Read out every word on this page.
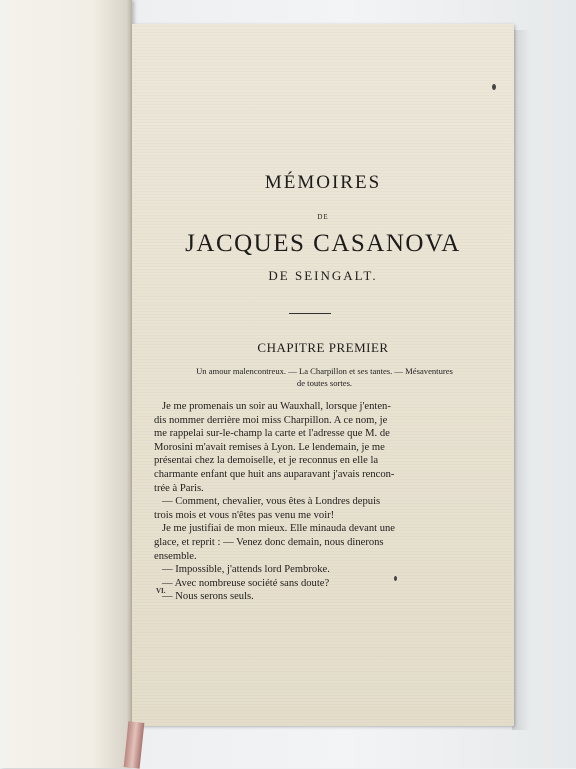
MÉMOIRES
DE
JACQUES CASANOVA
DE SEINGALT.
CHAPITRE PREMIER
Un amour malencontreux. — La Charpillon et ses tantes. — Mésaventures
de toutes sortes.
Je me promenais un soir au Wauxhall, lorsque j'enten-
dis nommer derrière moi miss Charpillon. A ce nom, je
me rappelai sur-le-champ la carte et l'adresse que M. de
Morosini m'avait remises à Lyon. Le lendemain, je me
présentai chez la demoiselle, et je reconnus en elle la
charmante enfant que huit ans auparavant j'avais rencon-
trée à Paris.
— Comment, chevalier, vous êtes à Londres depuis
trois mois et vous n'êtes pas venu me voir!
Je me justifiai de mon mieux. Elle minauda devant une
glace, et reprit : — Venez donc demain, nous dinerons
ensemble.
— Impossible, j'attends lord Pembroke.
— Avec nombreuse société sans doute?
— Nous serons seuls.
VI.
